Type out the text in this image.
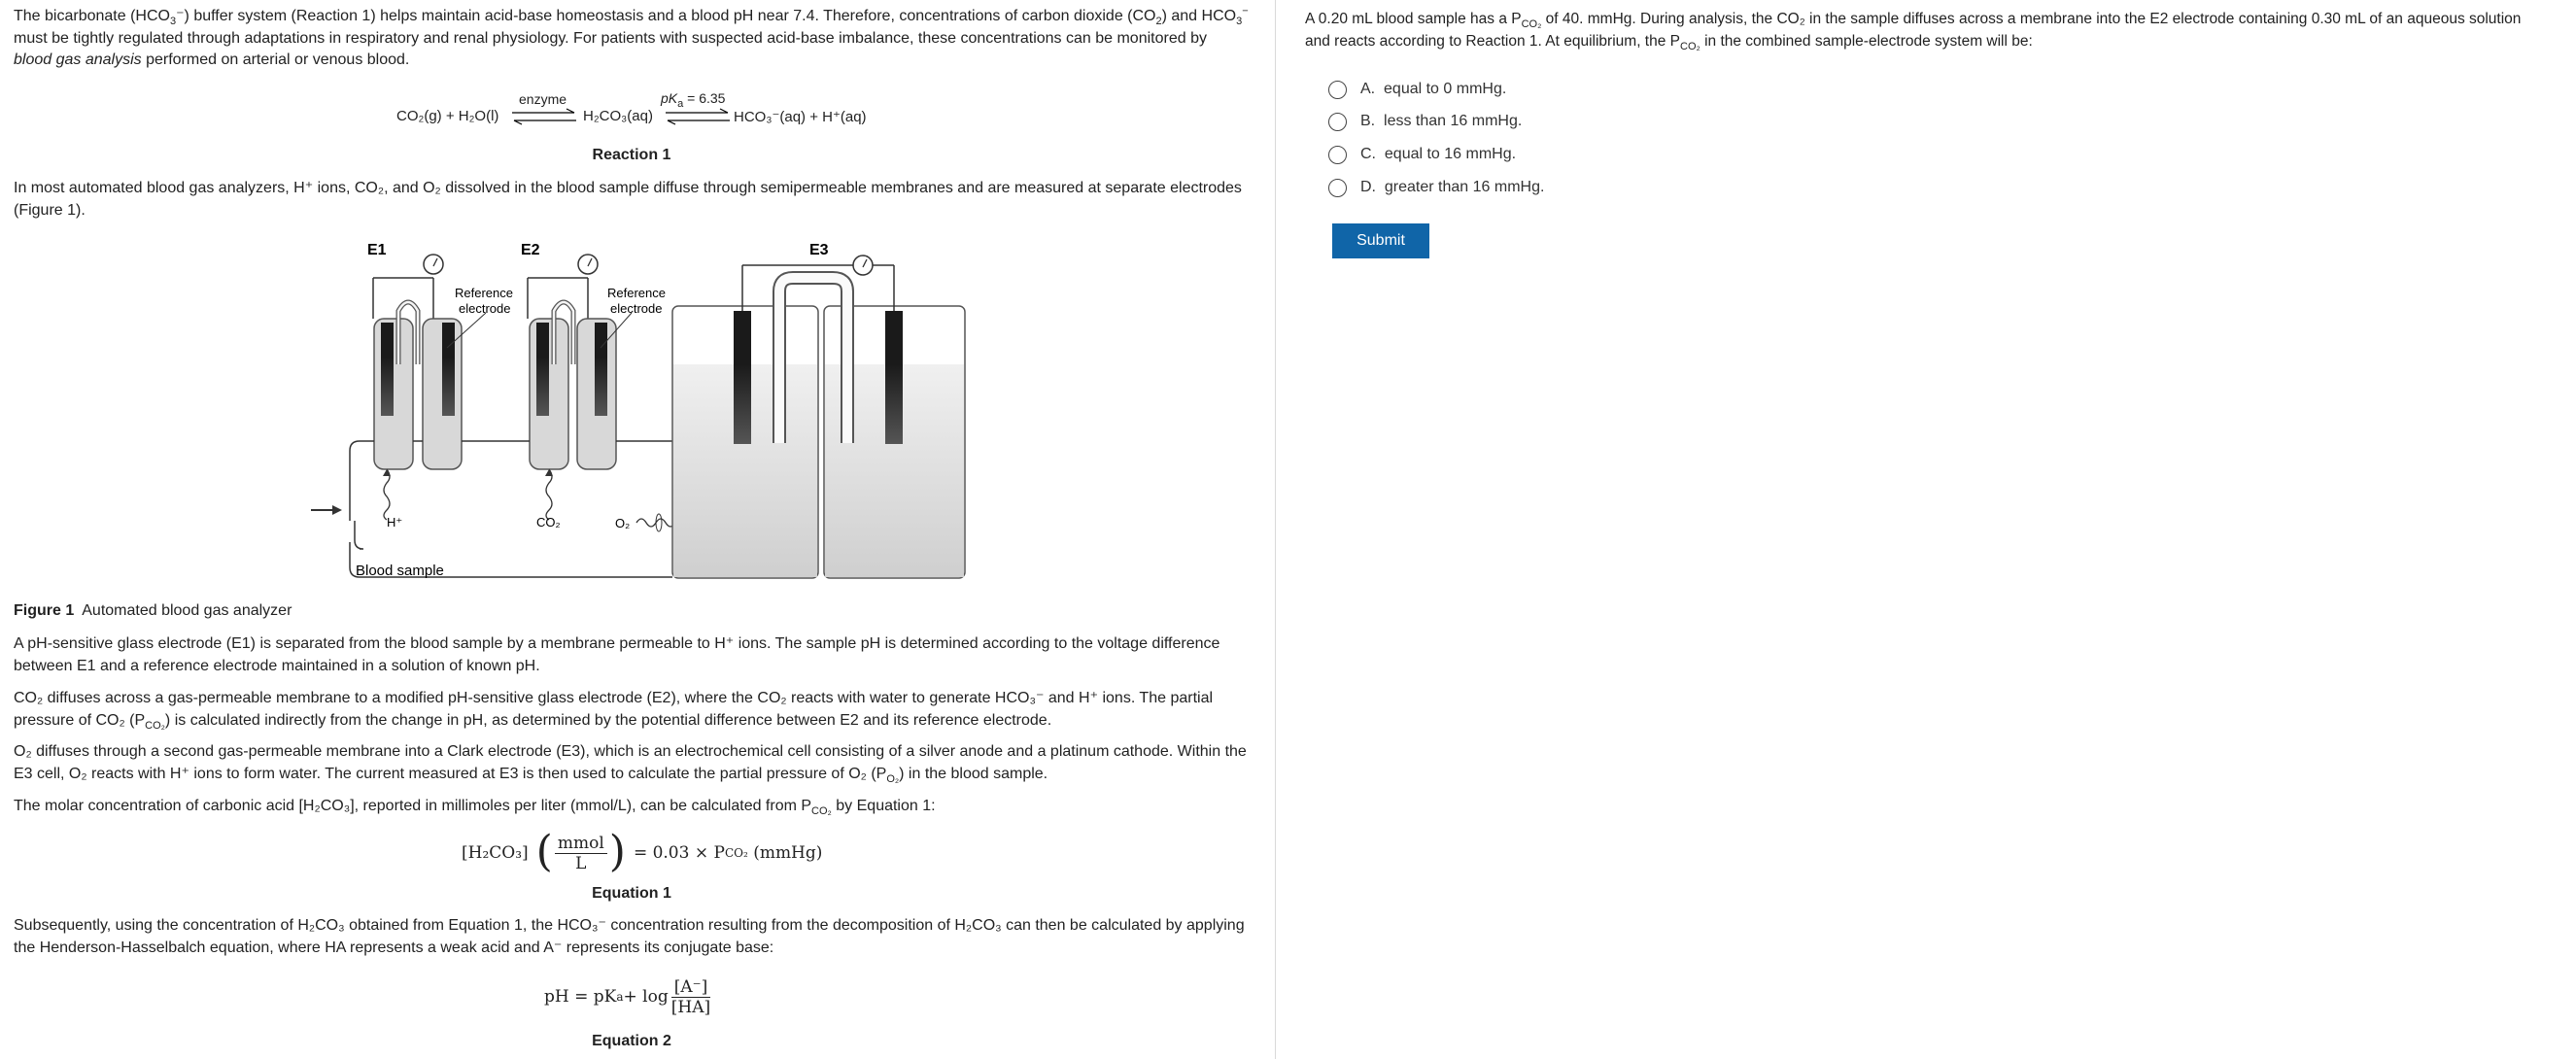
The bicarbonate $(HCO_3^-)$ buffer system (Reaction 1) helps maintain acid-base homeostasis and a blood pH near 7.4. Therefore, concentrations of carbon dioxide $(CO_2)$ and $HCO_3^-$
must be tightly regulated through adaptations in respiratory and renal physiology. For patients with suspected acid-base imbalance, these concentrations can be monitored by
blood gas analysis performed on arterial or venous blood.

CO₂(g) + H₂O(l)
enzyme
H₂CO₃(aq)
$pK_a = 6.35$
HCO₃⁻(aq) + H⁺(aq)
Reaction 1

In most automated blood gas analyzers, H⁺ ions, CO₂, and O₂ dissolved in the blood sample diffuse through semipermeable membranes and are measured at separate electrodes (Figure 1).

E1	E2	E3
Reference
electrode
Reference
electrode
H⁺	CO₂
Blood sample
O₂
Figure 1 Automated blood gas analyzer

A pH-sensitive glass electrode (E1) is separated from the blood sample by a membrane permeable to H⁺ ions. The sample pH is determined according to the voltage difference between E1 and a reference electrode maintained in a solution of known pH.

CO₂ diffuses across a gas-permeable membrane to a modified pH-sensitive glass electrode (E2), where the CO₂ reacts with water to generate HCO₃⁻ and H⁺ ions. The partial
pressure of CO₂ $(P_{CO_2})$ is calculated indirectly from the change in pH, as determined by the potential difference between E2 and its reference electrode.

O₂ diffuses through a second gas-permeable membrane into a Clark electrode (E3), which is an electrochemical cell consisting of a silver anode and a platinum cathode. Within the
E3 cell, O₂ reacts with H⁺ ions to form water. The current measured at E3 is then used to calculate the partial pressure of O₂ $(P_{O_2})$ in the blood sample.

The molar concentration of carbonic acid [H₂CO₃], reported in millimoles per liter (mmol/L), can be calculated from $P_{CO_2}$ by Equation 1:

[H₂CO₃] ( mmol
L ) = 0.03 × P CO₂
(mmHg)
Equation 1

Subsequently, using the concentration of H₂CO₃ obtained from Equation 1, the HCO₃⁻ concentration resulting from the decomposition of H₂CO₃ can then be calculated by applying
the Henderson-Hasselbalch equation, where HA represents a weak acid and A⁻ represents its conjugate base:

pH = pK $a + \log \frac{[A^-]}{[HA]}$
Equation 2

A 0.20 mL blood sample has a $P_{CO_2}$ of 40. mmHg. During analysis, the CO₂ in the sample diffuses across a membrane into the E2 electrode containing 0.30 mL of an aqueous solution
and reacts according to Reaction 1. At equilibrium, the $P_{CO_2}$ in the combined sample-electrode system will be:

A. equal to 0 mmHg.
B. less than 16 mmHg.
C. equal to 16 mmHg.
D. greater than 16 mmHg.
Submit
